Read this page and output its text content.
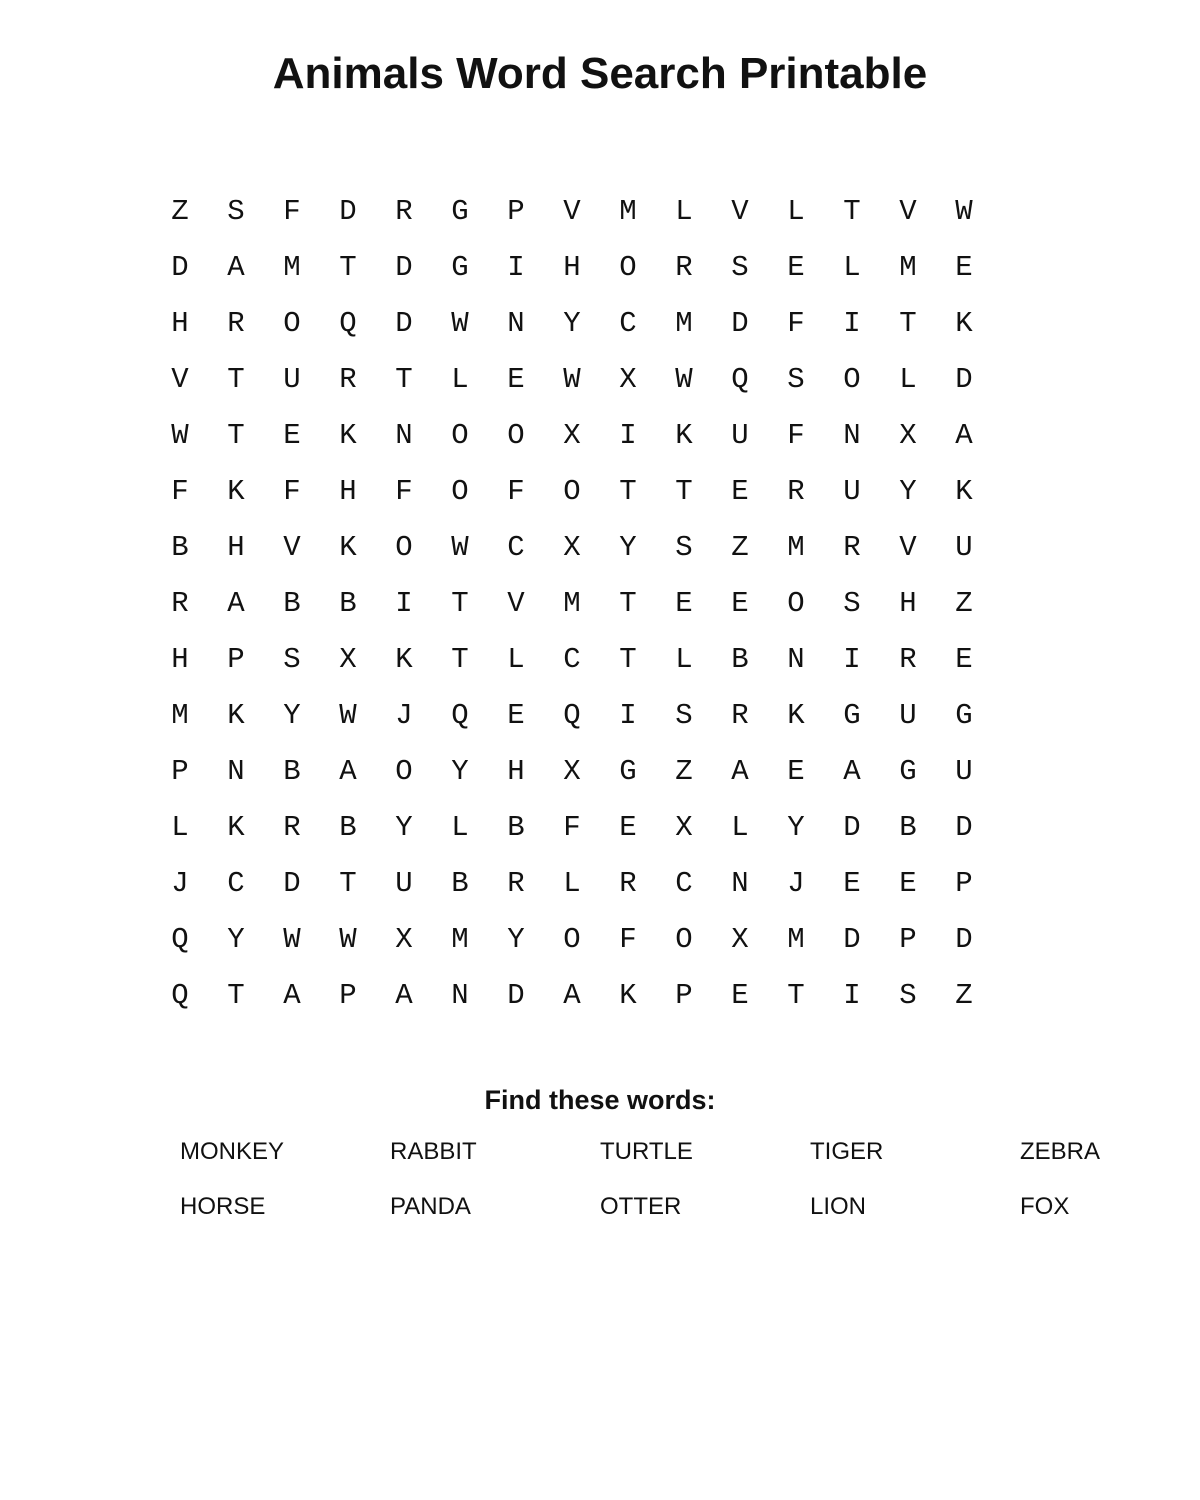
Animals Word Search Printable
Z	S	F	D	R	G	P	V	M	L	V	L	T	V	W
D	A	M	T	D	G	I	H	O	R	S	E	L	M	E
H	R	O	Q	D	W	N	Y	C	M	D	F	I	T	K
V	T	U	R	T	L	E	W	X	W	Q	S	O	L	D
W	T	E	K	N	O	O	X	I	K	U	F	N	X	A
F	K	F	H	F	O	F	O	T	T	E	R	U	Y	K
B	H	V	K	O	W	C	X	Y	S	Z	M	R	V	U
R	A	B	B	I	T	V	M	T	E	E	O	S	H	Z
H	P	S	X	K	T	L	C	T	L	B	N	I	R	E
M	K	Y	W	J	Q	E	Q	I	S	R	K	G	U	G
P	N	B	A	O	Y	H	X	G	Z	A	E	A	G	U
L	K	R	B	Y	L	B	F	E	X	L	Y	D	B	D
J	C	D	T	U	B	R	L	R	C	N	J	E	E	P
Q	Y	W	W	X	M	Y	O	F	O	X	M	D	P	D
Q	T	A	P	A	N	D	A	K	P	E	T	I	S	Z
Find these words:
MONKEY	RABBIT	TURTLE	TIGER	ZEBRA
HORSE	PANDA	OTTER	LION	FOX
